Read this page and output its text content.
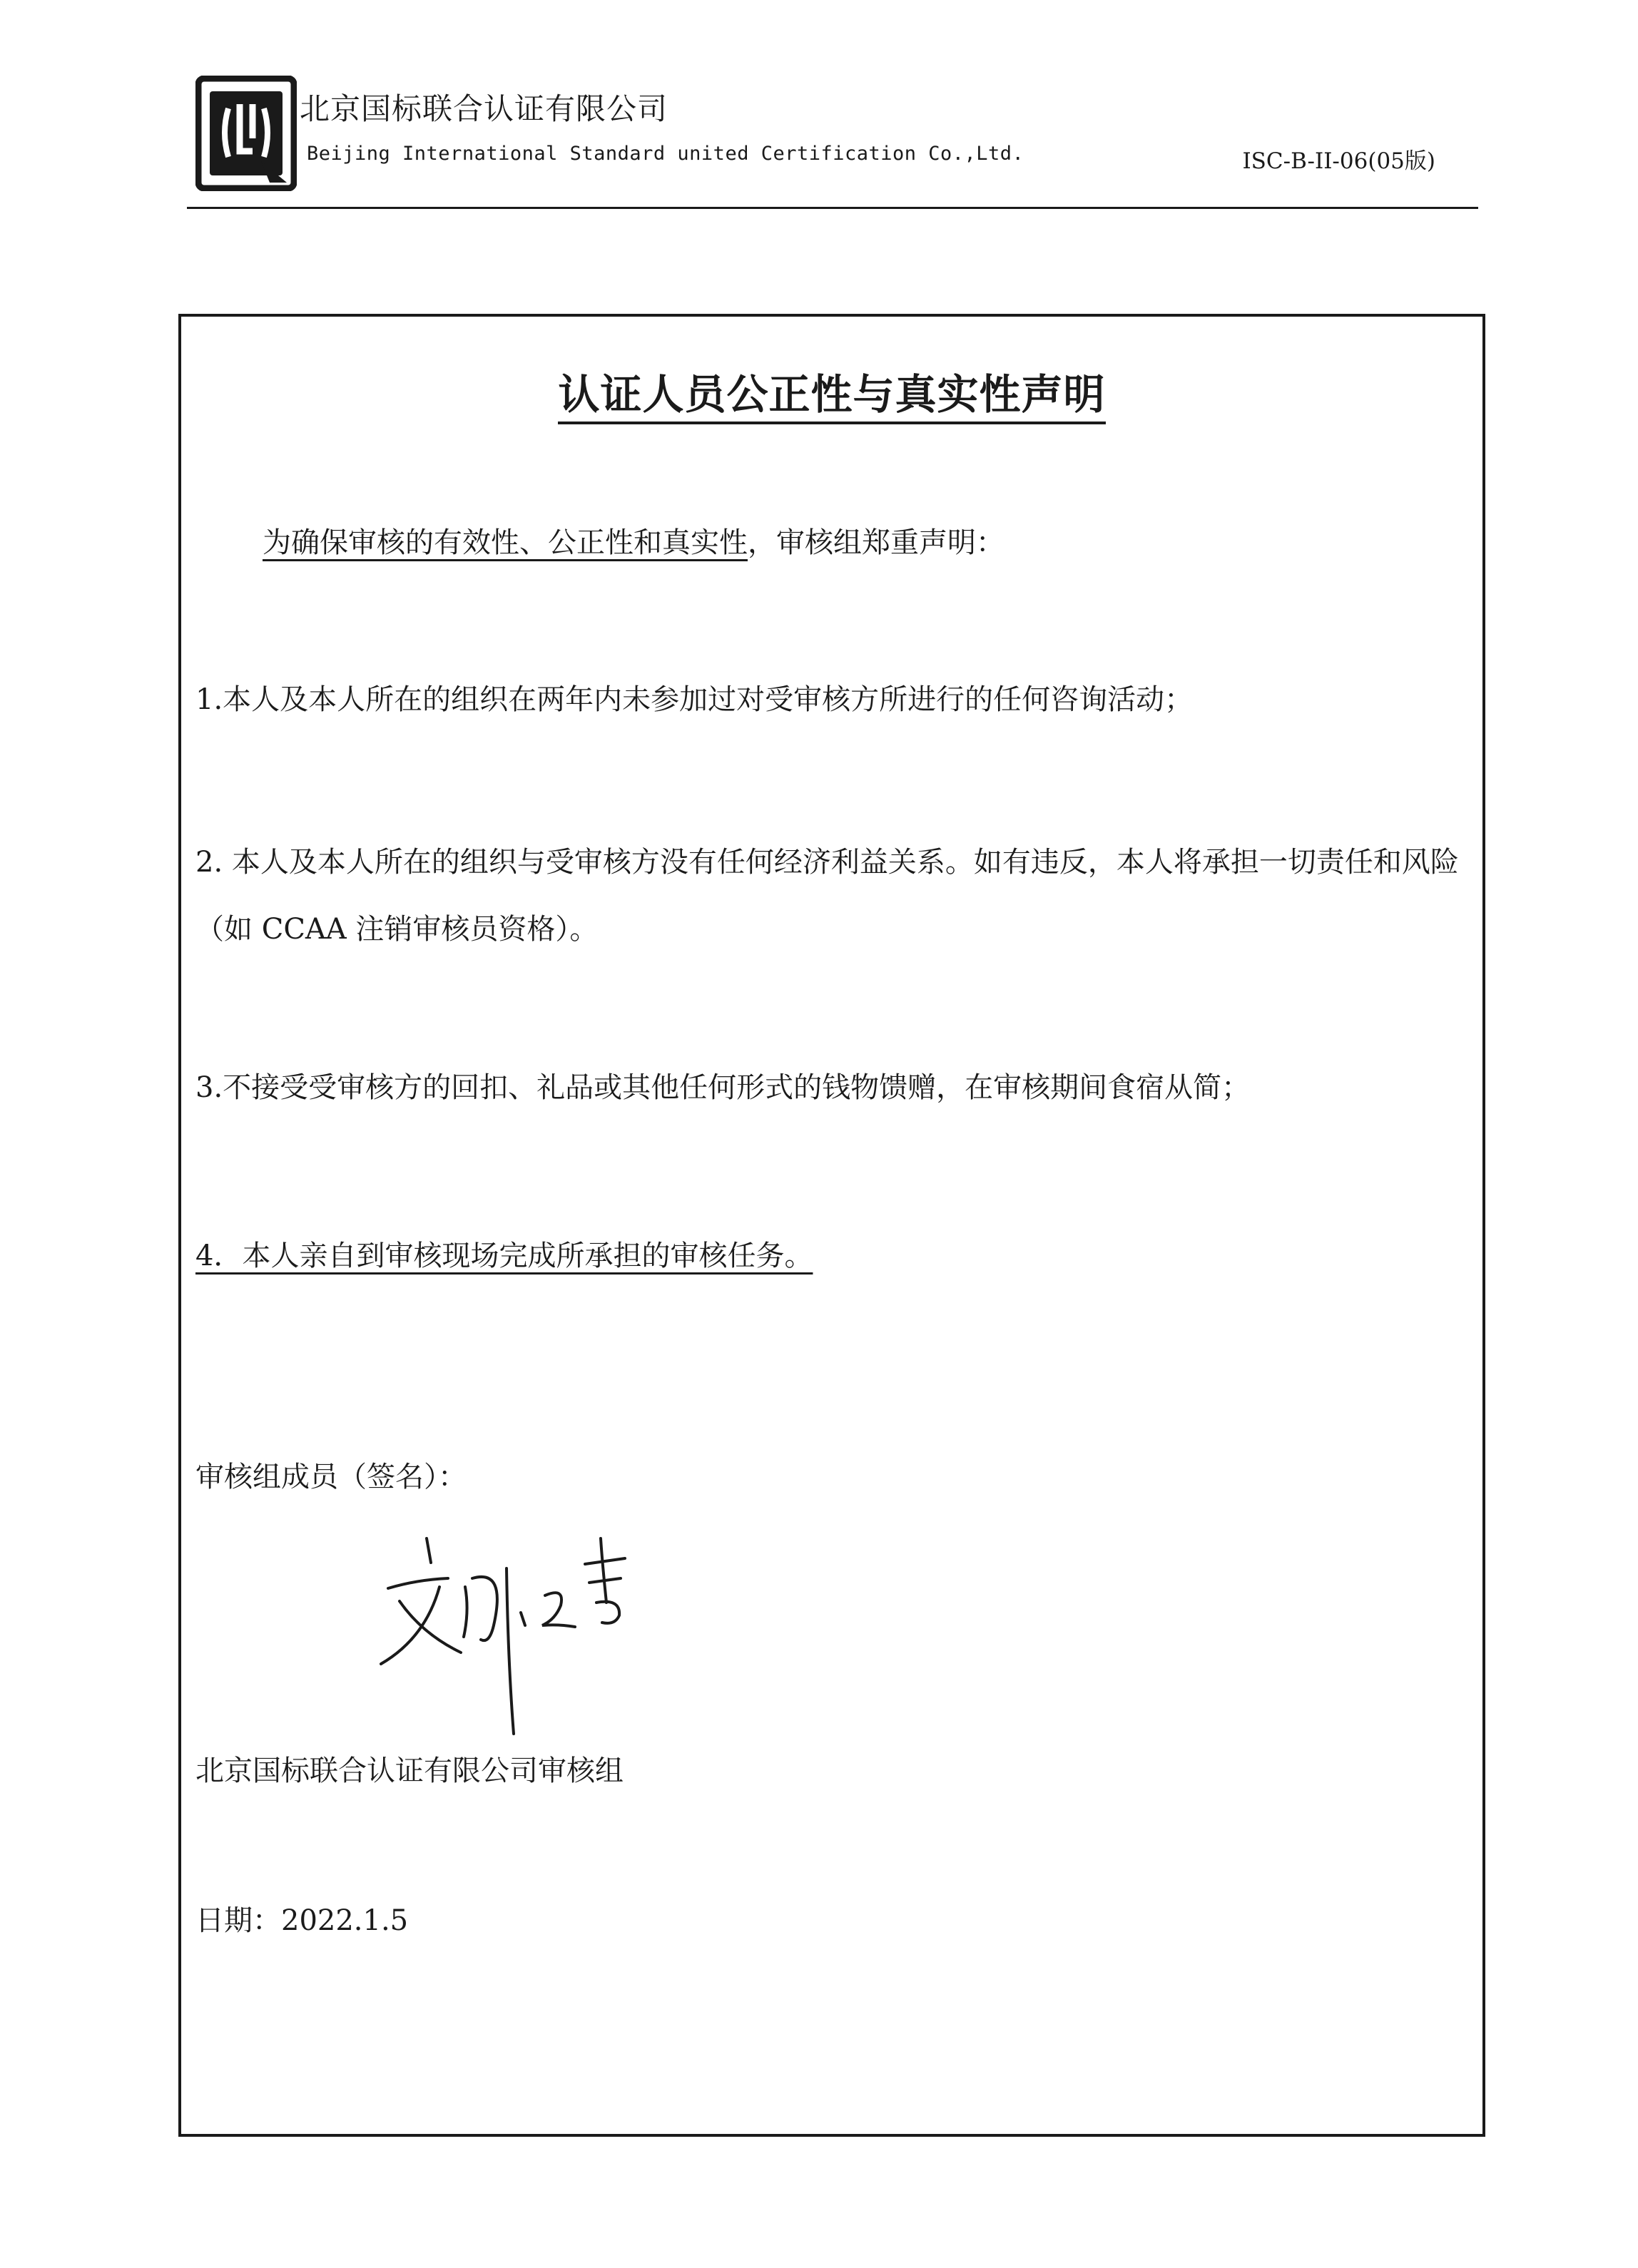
北京国标联合认证有限公司
Beijing International Standard united Certification Co.,Ltd.	ISC-B-II-06(05版)
认证人员公正性与真实性声明
为确保审核的有效性、公正性和真实性，审核组郑重声明：
1.本人及本人所在的组织在两年内未参加过对受审核方所进行的任何咨询活动；
2. 本人及本人所在的组织与受审核方没有任何经济利益关系。如有违反，本人将承担一切责任和风险（如 CCAA 注销审核员资格）。
3.不接受受审核方的回扣、礼品或其他任何形式的钱物馈赠，在审核期间食宿从简；
4．本人亲自到审核现场完成所承担的审核任务。
审核组成员（签名）：
北京国标联合认证有限公司审核组
日期：2022.1.5
